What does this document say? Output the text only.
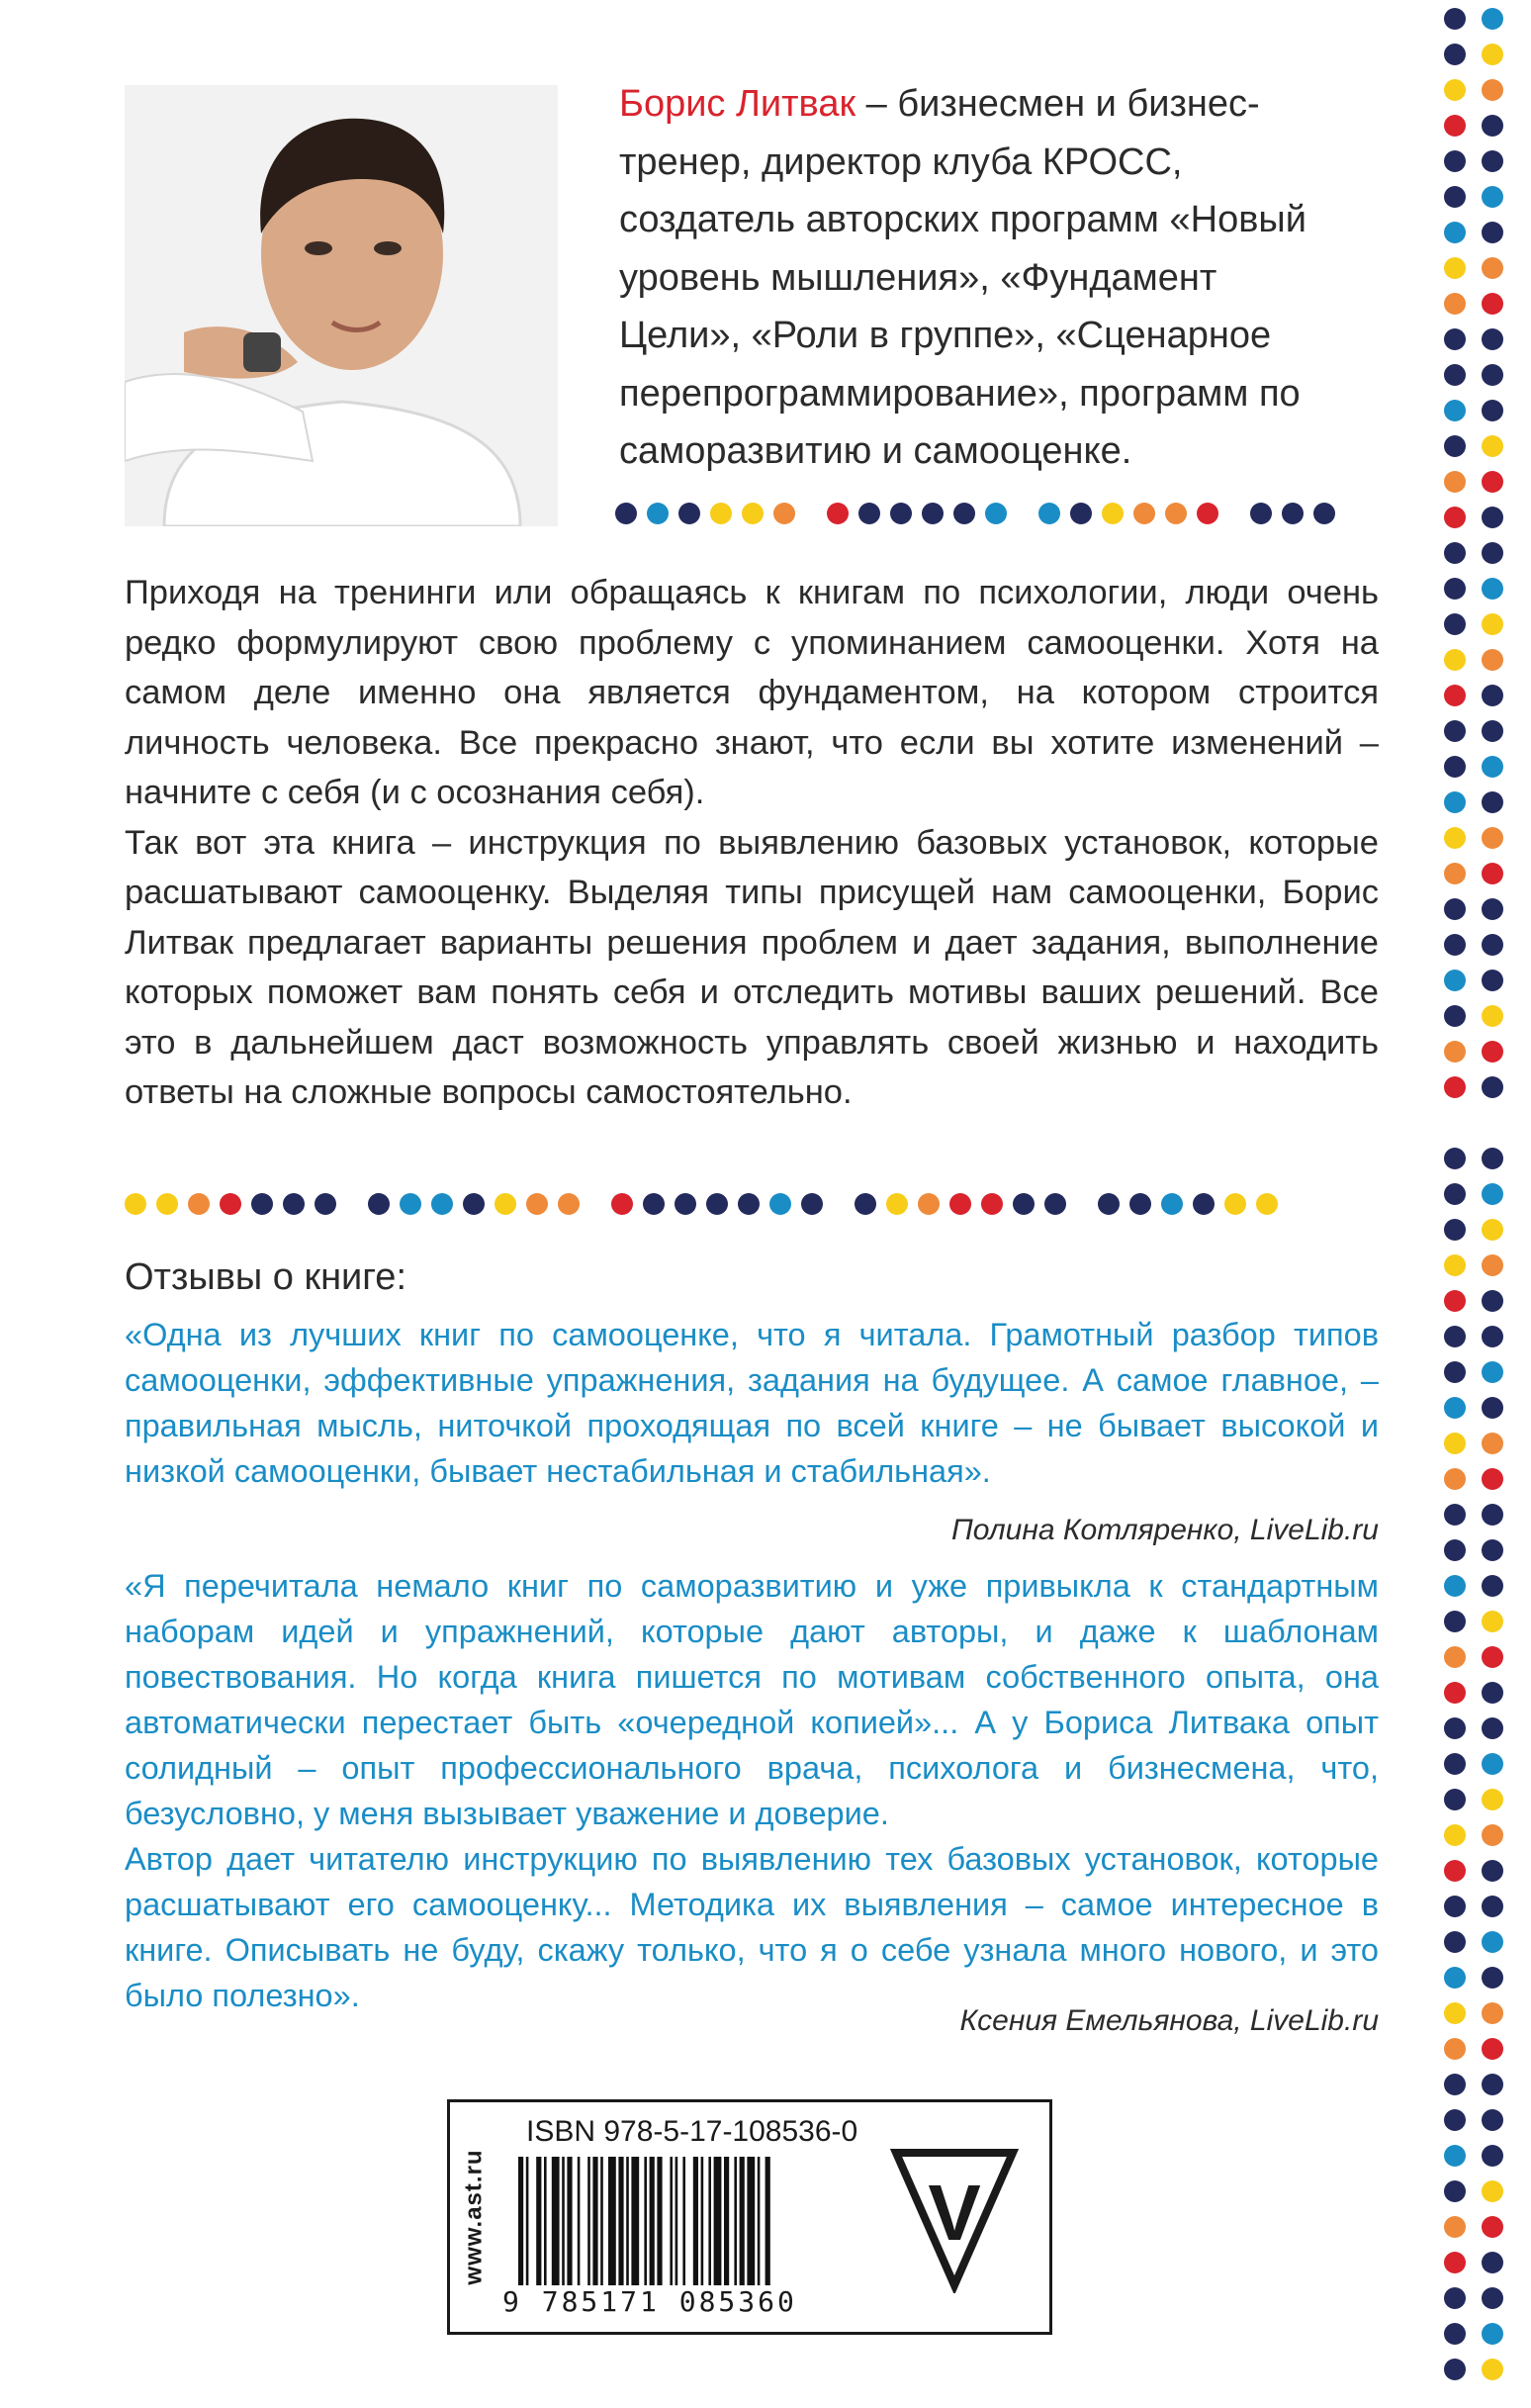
Борис Литвак – бизнесмен и бизнес-
тренер, директор клуба КРОСС,
создатель авторских программ «Новый
уровень мышления», «Фундамент
Цели», «Роли в группе», «Сценарное
перепрограммирование», программ по
саморазвитию и самооценке.

Приходя на тренинги или обращаясь к книгам по психологии, люди очень редко формулируют свою проблему с упоминанием самооценки. Хотя на самом деле именно она является фундаментом, на котором строится личность человека. Все прекрасно знают, что если вы хотите изменений – начните с себя (и с осознания себя).

Так вот эта книга – инструкция по выявлению базовых установок, которые расшатывают самооценку. Выделяя типы присущей нам самооценки, Борис Литвак предлагает варианты решения проблем и дает задания, выполнение которых поможет вам понять себя и отследить мотивы ваших решений. Все это в дальнейшем даст возможность управлять своей жизнью и находить ответы на сложные вопросы самостоятельно.

Отзывы о книге:

«Одна из лучших книг по самооценке, что я читала. Грамотный разбор типов самооценки, эффективные упражнения, задания на будущее. А самое главное, – правильная мысль, ниточкой проходящая по всей книге – не бывает высокой и низкой самооценки, бывает нестабильная и стабильная».

Полина Котляренко, LiveLib.ru

«Я перечитала немало книг по саморазвитию и уже привыкла к стандартным наборам идей и упражнений, которые дают авторы, и даже к шаблонам повествования. Но когда книга пишется по мотивам собственного опыта, она автоматически перестает быть «очередной копией»... А у Бориса Литвака опыт солидный – опыт профессионального врача, психолога и бизнесмена, что, безусловно, у меня вызывает уважение и доверие.

Автор дает читателю инструкцию по выявлению тех базовых установок, которые расшатывают его самооценку... Методика их выявления – самое интересное в книге. Описывать не буду, скажу только, что я о себе узнала много нового, и это было полезно».

Ксения Емельянова, LiveLib.ru
www.ast.ru
ISBN 978-5-17-108536-0
9 785171 085360
V
